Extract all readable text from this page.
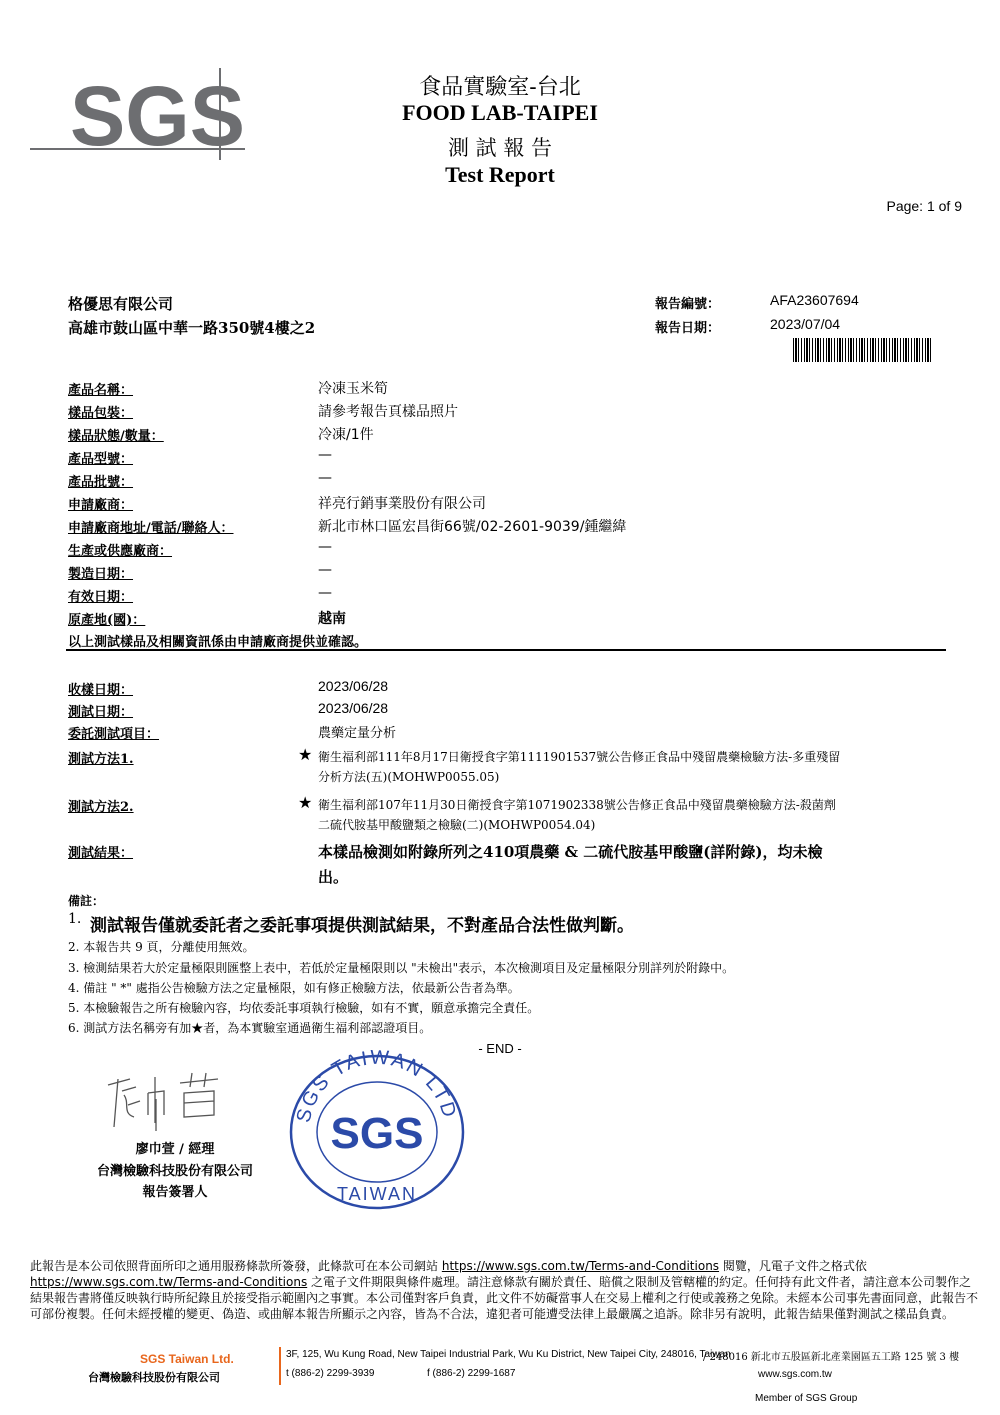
SGS	食品實驗室-台北
FOOD LAB-TAIPEI
測 試 報 告
Test Report
Page: 1 of 9
格優思有限公司
高雄市鼓山區中華一路350號4樓之2
報告編號：	AFA23607694
報告日期：	2023/07/04
產品名稱：	冷凍玉米筍
樣品包裝：	請參考報告頁樣品照片
樣品狀態/數量：	冷凍/1件
產品型號：	—
產品批號：	—
申請廠商：	祥亮行銷事業股份有限公司
申請廠商地址/電話/聯絡人：	新北市林口區宏昌街66號/02-2601-9039/鍾繼緯
生產或供應廠商：	—
製造日期：	—
有效日期：	—
原產地(國)：	越南
以上測試樣品及相關資訊係由申請廠商提供並確認。
收樣日期：	2023/06/28
測試日期：	2023/06/28
委託測試項目：	農藥定量分析
測試方法1.	★ 衛生福利部111年8月17日衛授食字第1111901537號公告修正食品中殘留農藥檢驗方法-多重殘留
分析方法(五)(MOHWP0055.05)
測試方法2.	★ 衛生福利部107年11月30日衛授食字第1071902338號公告修正食品中殘留農藥檢驗方法-殺菌劑
二硫代胺基甲酸鹽類之檢驗(二)(MOHWP0054.04)
測試結果：	本樣品檢測如附錄所列之410項農藥 & 二硫代胺基甲酸鹽(詳附錄)，均未檢
出。
備註：
1. 測試報告僅就委託者之委託事項提供測試結果，不對產品合法性做判斷。
2. 本報告共 9 頁，分離使用無效。
3. 檢測結果若大於定量極限則匯整上表中，若低於定量極限則以 "未檢出"表示，本次檢測項目及定量極限分別詳列於附錄中。
4. 備註 " *" 處指公告檢驗方法之定量極限，如有修正檢驗方法，依最新公告者為準。
5. 本檢驗報告之所有檢驗內容，均依委託事項執行檢驗，如有不實，願意承擔完全責任。
6. 測試方法名稱旁有加★者，為本實驗室通過衛生福利部認證項目。
- END -
廖巾萱 / 經理
台灣檢驗科技股份有限公司
報告簽署人
SGS TAIWAN LTD
SGS
TAIWAN
此報告是本公司依照背面所印之通用服務條款所簽發，此條款可在本公司網站 https://www.sgs.com.tw/Terms-and-Conditions 閱覽，凡電子文件之格式依 https://www.sgs.com.tw/Terms-and-Conditions 之電子文件期限與條件處理。請注意條款有關於責任、賠償之限制及管轄權的約定。任何持有此文件者，請注意本公司製作之結果報告書將僅反映執行時所紀錄且於接受指示範圍內之事實。本公司僅對客戶負責，此文件不妨礙當事人在交易上權利之行使或義務之免除。未經本公司事先書面同意，此報告不可部份複製。任何未經授權的變更、偽造、或曲解本報告所顯示之內容，皆為不合法，違犯者可能遭受法律上最嚴厲之追訴。除非另有說明，此報告結果僅對測試之樣品負責。
SGS Taiwan Ltd.
台灣檢驗科技股份有限公司
3F, 125, Wu Kung Road, New Taipei Industrial Park, Wu Ku District, New Taipei City, 248016, Taiwan
/ 248016 新北市五股區新北產業園區五工路 125 號 3 樓
t (886-2) 2299-3939	f (886-2) 2299-1687	www.sgs.com.tw
Member of SGS Group
